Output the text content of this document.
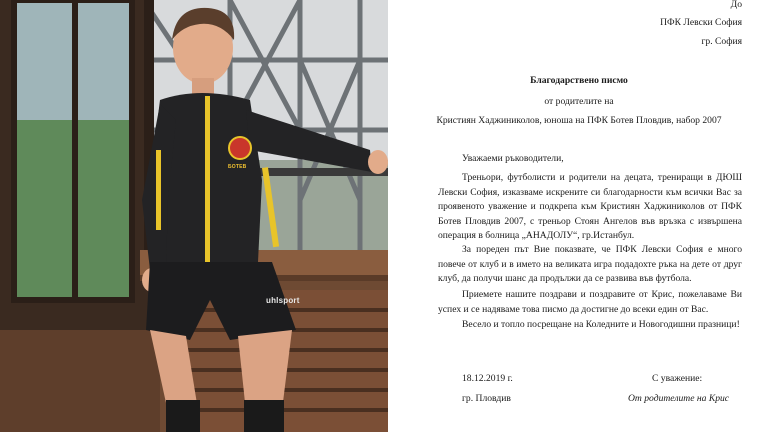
БОТЕВ
uhlsport
До
ПФК Левски София
гр. София
Благодарствено писмо
от родителите на
Кристиян Хаджиниколов, юноша на ПФК Ботев Пловдив, набор 2007
Уважаеми ръководители,
Треньори, футболисти и родители на децата, трениращи в ДЮШ Левски София, изказваме искрените си благодарности към всички Вас за проявеното уважение и подкрепа към Кристиян Хаджиниколов от ПФК Ботев Пловдив 2007, с треньор Стоян Ангелов във връзка с извършена операция в болница „АНАДОЛУ“, гр.Истанбул.
За пореден път Вие показвате, че ПФК Левски София е много повече от клуб и в името на великата игра подадохте ръка на дете от друг клуб, да получи шанс да продължи да се развива във футбола.
Приемете нашите поздрави и поздравите от Крис, пожелаваме Ви успех и се надяваме това писмо да достигне до всеки един от Вас.
Весело и топло посрещане на Коледните и Новогодишни празници!
18.12.2019 г.
гр. Пловдив
С уважение:
От родителите на Крис
